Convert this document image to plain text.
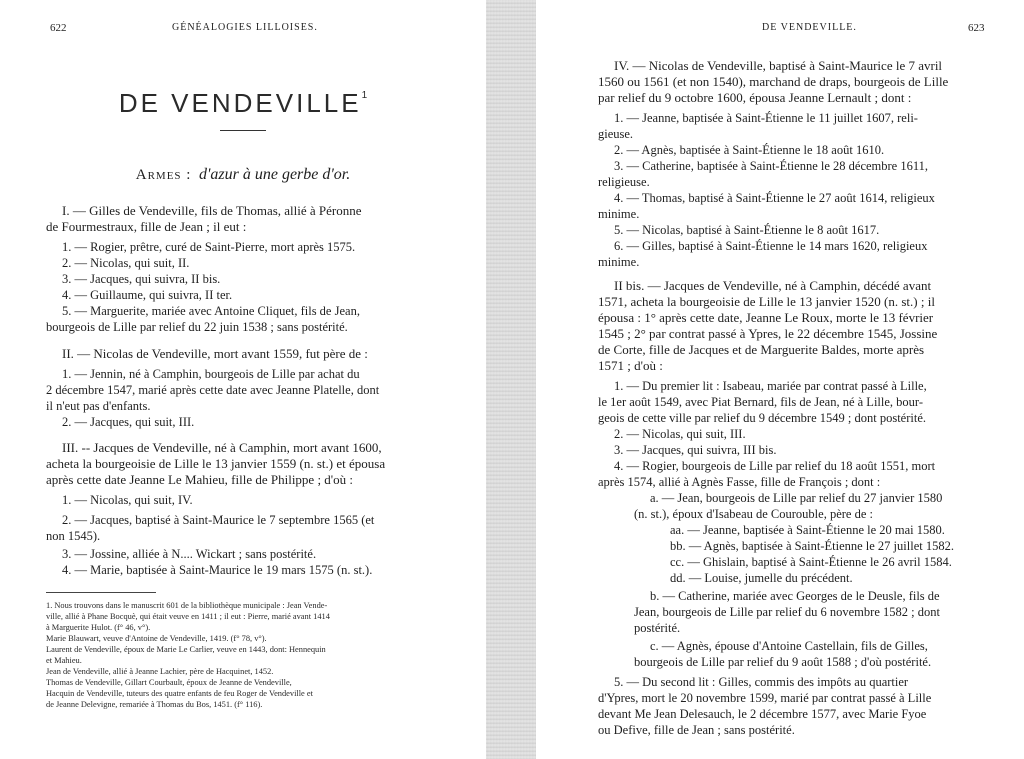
622	GÉNÉALOGIES LILLOISES.
DE VENDEVILLE$^1$
Armes : d'azur à une gerbe d'or.
I. — Gilles de Vendeville, fils de Thomas, allié à Péronne
de Fourmestraux, fille de Jean ; il eut :
1. — Rogier, prêtre, curé de Saint-Pierre, mort après 1575.
2. — Nicolas, qui suit, II.
3. — Jacques, qui suivra, II bis.
4. — Guillaume, qui suivra, II ter.
5. — Marguerite, mariée avec Antoine Cliquet, fils de Jean,
bourgeois de Lille par relief du 22 juin 1538 ; sans postérité.
II. — Nicolas de Vendeville, mort avant 1559, fut père de :
1. — Jennin, né à Camphin, bourgeois de Lille par achat du
2 décembre 1547, marié après cette date avec Jeanne Platelle, dont
il n'eut pas d'enfants.
2. — Jacques, qui suit, III.
III. -- Jacques de Vendeville, né à Camphin, mort avant 1600,
acheta la bourgeoisie de Lille le 13 janvier 1559 (n. st.) et épousa
après cette date Jeanne Le Mahieu, fille de Philippe ; d'où :
1. — Nicolas, qui suit, IV.
2. — Jacques, baptisé à Saint-Maurice le 7 septembre 1565 (et
non 1545).
3. — Jossine, alliée à N.... Wickart ; sans postérité.
4. — Marie, baptisée à Saint-Maurice le 19 mars 1575 (n. st.).
1. Nous trouvons dans le manuscrit 601 de la bibliothèque municipale : Jean Vende-
ville, allié à Phane Bocquè, qui était veuve en 1411 ; il eut : Pierre, marié avant 1414
à Marguerite Hulot. (f° 46, v°).
Marie Blauwart, veuve d'Antoine de Vendeville, 1419. (f° 78, v°).
Laurent de Vendeville, époux de Marie Le Carlier, veuve en 1443, dont: Hennequin
et Mahieu.
Jean de Vendeville, allié à Jeanne Lachier, père de Hacquinet, 1452.
Thomas de Vendeville, Gillart Courbault, époux de Jeanne de Vendeville,
Hacquin de Vendeville, tuteurs des quatre enfants de feu Roger de Vendeville et
de Jeanne Delevigne, remariée à Thomas du Bos, 1451. (f° 116).
DE VENDEVILLE.	623
IV. — Nicolas de Vendeville, baptisé à Saint-Maurice le 7 avril
1560 ou 1561 (et non 1540), marchand de draps, bourgeois de Lille
par relief du 9 octobre 1600, épousa Jeanne Lernault ; dont :
1. — Jeanne, baptisée à Saint-Étienne le 11 juillet 1607, reli-
gieuse.
2. — Agnès, baptisée à Saint-Étienne le 18 août 1610.
3. — Catherine, baptisée à Saint-Étienne le 28 décembre 1611,
religieuse.
4. — Thomas, baptisé à Saint-Étienne le 27 août 1614, religieux
minime.
5. — Nicolas, baptisé à Saint-Étienne le 8 août 1617.
6. — Gilles, baptisé à Saint-Étienne le 14 mars 1620, religieux
minime.
II bis. — Jacques de Vendeville, né à Camphin, décédé avant
1571, acheta la bourgeoisie de Lille le 13 janvier 1520 (n. st.) ; il
épousa : 1° après cette date, Jeanne Le Roux, morte le 13 février
1545 ; 2° par contrat passé à Ypres, le 22 décembre 1545, Jossine
de Corte, fille de Jacques et de Marguerite Baldes, morte après
1571 ; d'où :
1. — Du premier lit : Isabeau, mariée par contrat passé à Lille,
le 1er août 1549, avec Piat Bernard, fils de Jean, né à Lille, bour-
geois de cette ville par relief du 9 décembre 1549 ; dont postérité.
2. — Nicolas, qui suit, III.
3. — Jacques, qui suivra, III bis.
4. — Rogier, bourgeois de Lille par relief du 18 août 1551, mort
après 1574, allié à Agnès Fasse, fille de François ; dont :
a. — Jean, bourgeois de Lille par relief du 27 janvier 1580
(n. st.), époux d'Isabeau de Courouble, père de :
aa. — Jeanne, baptisée à Saint-Étienne le 20 mai 1580.
bb. — Agnès, baptisée à Saint-Étienne le 27 juillet 1582.
cc. — Ghislain, baptisé à Saint-Étienne le 26 avril 1584.
dd. — Louise, jumelle du précédent.
b. — Catherine, mariée avec Georges de le Deusle, fils de
Jean, bourgeois de Lille par relief du 6 novembre 1582 ; dont
postérité.
c. — Agnès, épouse d'Antoine Castellain, fils de Gilles,
bourgeois de Lille par relief du 9 août 1588 ; d'où postérité.
5. — Du second lit : Gilles, commis des impôts au quartier
d'Ypres, mort le 20 novembre 1599, marié par contrat passé à Lille
devant Me Jean Delesauch, le 2 décembre 1577, avec Marie Fyoe
ou Defive, fille de Jean ; sans postérité.
